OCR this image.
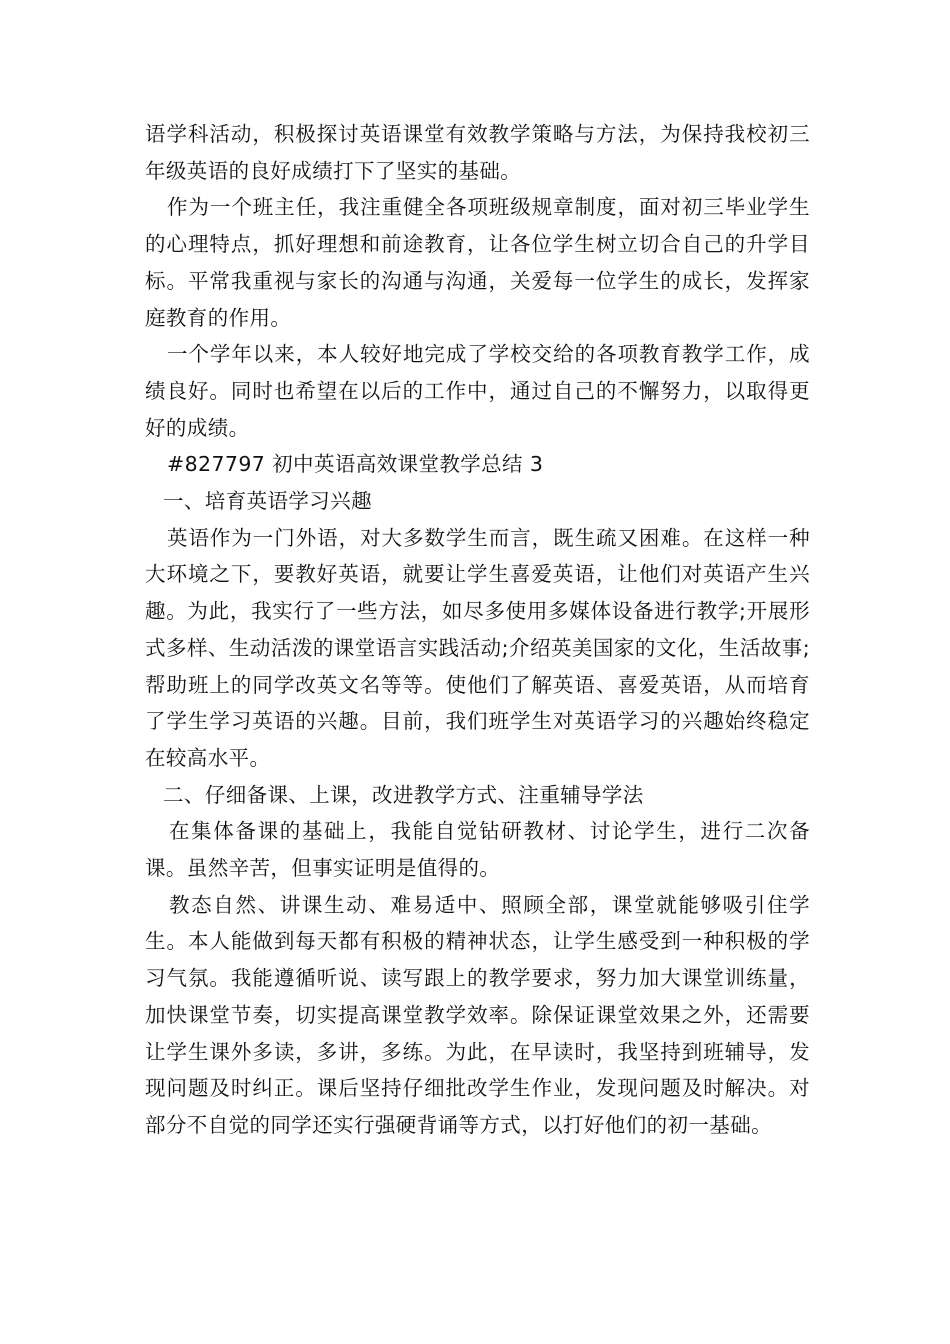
语学科活动，积极探讨英语课堂有效教学策略与方法，为保持我校初三年级英语的良好成绩打下了坚实的基础。

作为一个班主任，我注重健全各项班级规章制度，面对初三毕业学生的心理特点，抓好理想和前途教育，让各位学生树立切合自己的升学目标。平常我重视与家长的沟通与沟通，关爱每一位学生的成长，发挥家庭教育的作用。

一个学年以来，本人较好地完成了学校交给的各项教育教学工作，成绩良好。同时也希望在以后的工作中，通过自己的不懈努力，以取得更好的成绩。

#827797 初中英语高效课堂教学总结 3

一、培育英语学习兴趣

英语作为一门外语，对大多数学生而言，既生疏又困难。在这样一种大环境之下，要教好英语，就要让学生喜爱英语，让他们对英语产生兴趣。为此，我实行了一些方法，如尽多使用多媒体设备进行教学;开展形式多样、生动活泼的课堂语言实践活动;介绍英美国家的文化，生活故事;帮助班上的同学改英文名等等。使他们了解英语、喜爱英语，从而培育了学生学习英语的兴趣。目前，我们班学生对英语学习的兴趣始终稳定在较高水平。

二、仔细备课、上课，改进教学方式、注重辅导学法

在集体备课的基础上，我能自觉钻研教材、讨论学生，进行二次备课。虽然辛苦，但事实证明是值得的。

教态自然、讲课生动、难易适中、照顾全部，课堂就能够吸引住学生。本人能做到每天都有积极的精神状态，让学生感受到一种积极的学习气氛。我能遵循听说、读写跟上的教学要求，努力加大课堂训练量，加快课堂节奏，切实提高课堂教学效率。除保证课堂效果之外，还需要让学生课外多读，多讲，多练。为此，在早读时，我坚持到班辅导，发现问题及时纠正。课后坚持仔细批改学生作业，发现问题及时解决。对部分不自觉的同学还实行强硬背诵等方式，以打好他们的初一基础。
